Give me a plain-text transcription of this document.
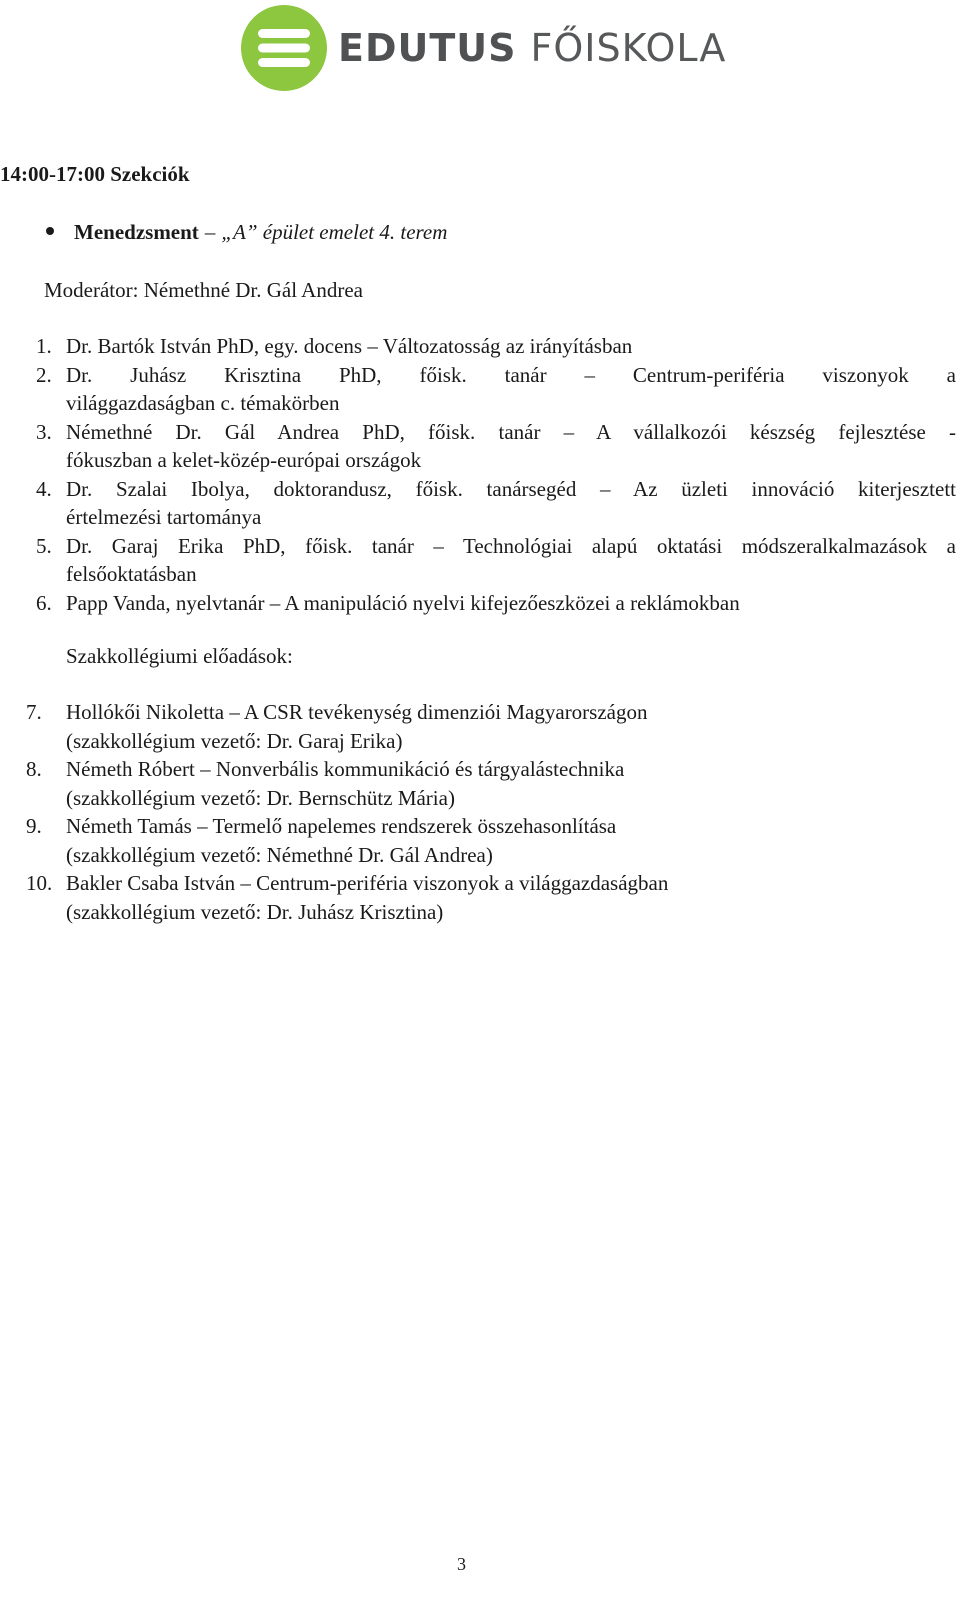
EDUTUS FŐISKOLA
14:00-17:00 Szekciók
Menedzsment – „A” épület emelet 4. terem
Moderátor: Némethné Dr. Gál Andrea
1. Dr. Bartók István PhD, egy. docens – Változatosság az irányításban
2. Dr. Juhász Krisztina PhD, főisk. tanár – Centrum-periféria viszonyok a
világgazdaságban c. témakörben
3. Némethné Dr. Gál Andrea PhD, főisk. tanár – A vállalkozói készség fejlesztése -
fókuszban a kelet-közép-európai országok
4. Dr. Szalai Ibolya, doktorandusz, főisk. tanársegéd – Az üzleti innováció kiterjesztett
értelmezési tartománya
5. Dr. Garaj Erika PhD, főisk. tanár – Technológiai alapú oktatási módszeralkalmazások a
felsőoktatásban
6. Papp Vanda, nyelvtanár – A manipuláció nyelvi kifejezőeszközei a reklámokban
Szakkollégiumi előadások:
7.	Hollókői Nikoletta – A CSR tevékenység dimenziói Magyarországon
(szakkollégium vezető: Dr. Garaj Erika)
8.	Németh Róbert – Nonverbális kommunikáció és tárgyalástechnika
(szakkollégium vezető: Dr. Bernschütz Mária)
9.	Németh Tamás – Termelő napelemes rendszerek összehasonlítása
(szakkollégium vezető: Némethné Dr. Gál Andrea)
10. Bakler Csaba István – Centrum-periféria viszonyok a világgazdaságban
(szakkollégium vezető: Dr. Juhász Krisztina)
3
